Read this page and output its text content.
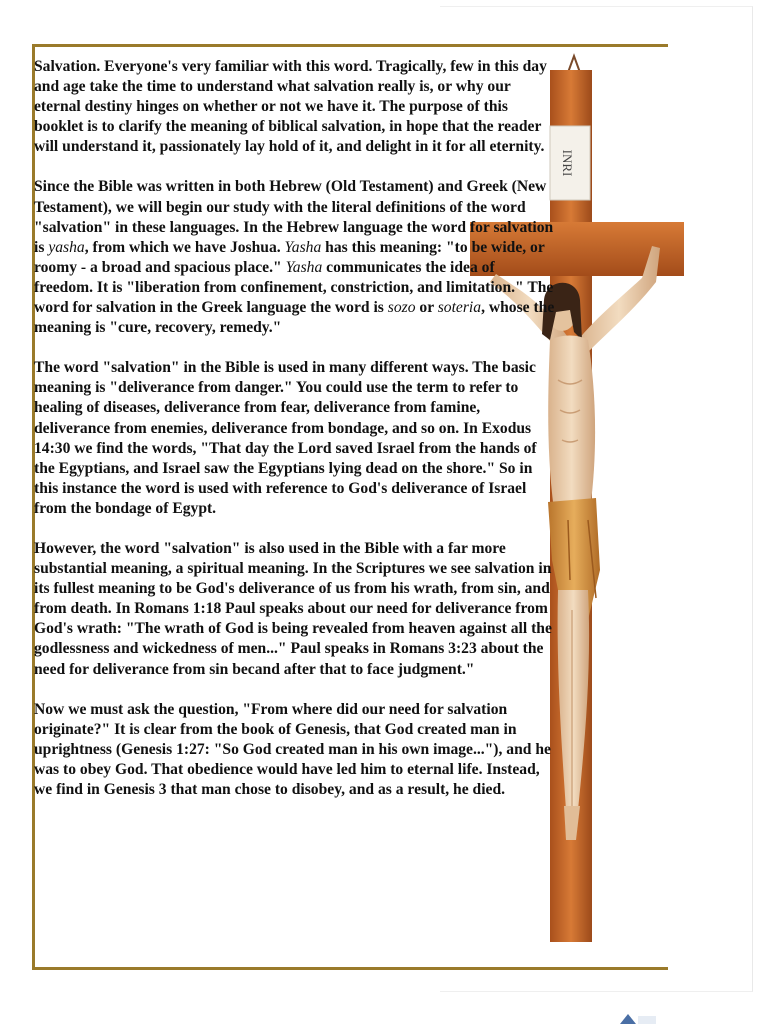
INRI

Salvation. Everyone's very familiar with this word. Tragically, few in this day and age take the time to understand what salvation really is, or why our eternal destiny hinges on whether or not we have it. The purpose of this booklet is to clarify the meaning of biblical salvation, in hope that the reader will understand it, passionately lay hold of it, and delight in it for all eternity.

Since the Bible was written in both Hebrew (Old Testament) and Greek (New Testament), we will begin our study with the literal definitions of the word "salvation" in these languages. In the Hebrew language the word for salvation is yasha, from which we have Joshua. Yasha has this meaning: "to be wide, or roomy - a broad and spacious place." Yasha communicates the idea of freedom. It is "liberation from confinement, constriction, and limitation." The word for salvation in the Greek language the word is sozo or soteria, whose the meaning is "cure, recovery, remedy."

The word "salvation" in the Bible is used in many different ways. The basic meaning is "deliverance from danger." You could use the term to refer to healing of diseases, deliverance from fear, deliverance from famine, deliverance from enemies, deliverance from bondage, and so on. In Exodus 14:30 we find the words, "That day the Lord saved Israel from the hands of the Egyptians, and Israel saw the Egyptians lying dead on the shore." So in this instance the word is used with reference to God's deliverance of Israel from the bondage of Egypt.

However, the word "salvation" is also used in the Bible with a far more substantial meaning, a spiritual meaning. In the Scriptures we see salvation in its fullest meaning to be God's deliverance of us from his wrath, from sin, and from death. In Romans 1:18 Paul speaks about our need for deliverance from God's wrath: "The wrath of God is being revealed from heaven against all the godlessness and wickedness of men..." Paul speaks in Romans 3:23 about the need for deliverance from sin becand after that to face judgment."

Now we must ask the question, "From where did our need for salvation originate?" It is clear from the book of Genesis, that God created man in uprightness (Genesis 1:27: "So God created man in his own image..."), and he was to obey God. That obedience would have led him to eternal life. Instead, we find in Genesis 3 that man chose to disobey, and as a result, he died.
